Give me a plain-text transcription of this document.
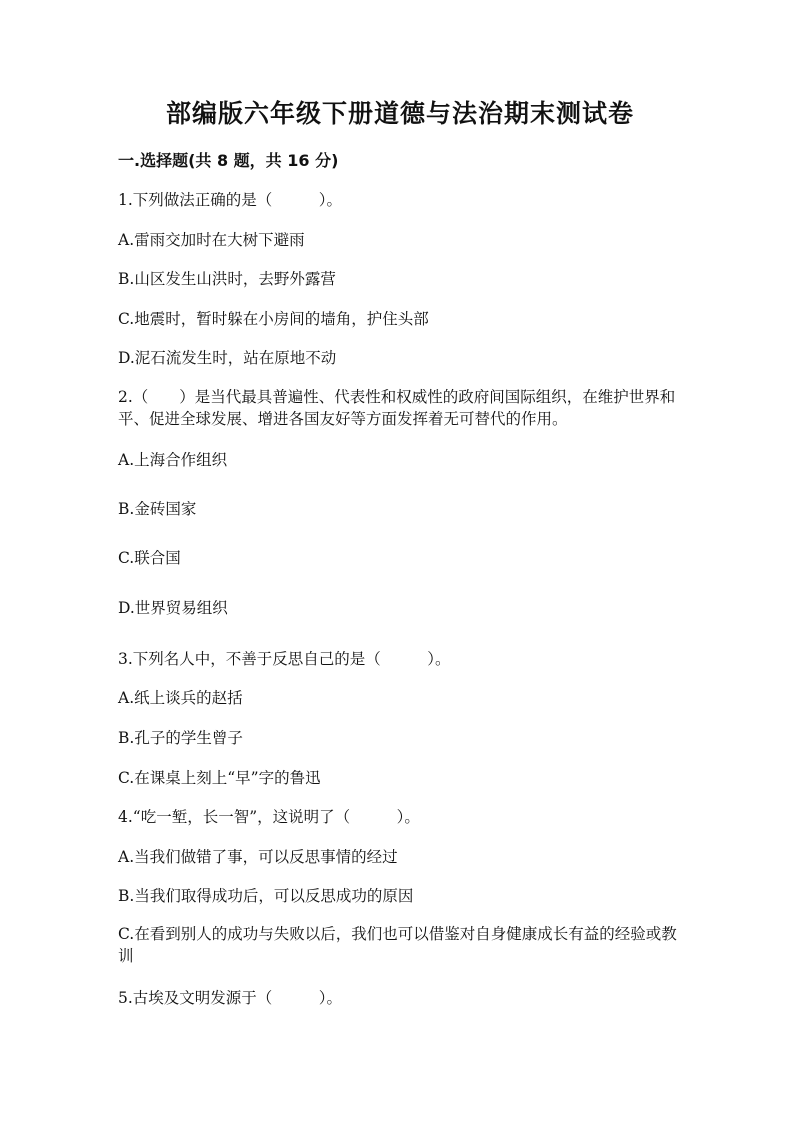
部编版六年级下册道德与法治期末测试卷
一.选择题(共 8 题，共 16 分)
1.下列做法正确的是（　　　）。
A.雷雨交加时在大树下避雨
B.山区发生山洪时，去野外露营
C.地震时，暂时躲在小房间的墙角，护住头部
D.泥石流发生时，站在原地不动
2.（　　）是当代最具普遍性、代表性和权威性的政府间国际组织，在维护世界和平、促进全球发展、增进各国友好等方面发挥着无可替代的作用。
A.上海合作组织
B.金砖国家
C.联合国
D.世界贸易组织
3.下列名人中，不善于反思自己的是（　　　）。
A.纸上谈兵的赵括
B.孔子的学生曾子
C.在课桌上刻上“早”字的鲁迅
4.“吃一堑，长一智”，这说明了（　　　）。
A.当我们做错了事，可以反思事情的经过
B.当我们取得成功后，可以反思成功的原因
C.在看到别人的成功与失败以后，我们也可以借鉴对自身健康成长有益的经验或教训
5.古埃及文明发源于（　　　）。
